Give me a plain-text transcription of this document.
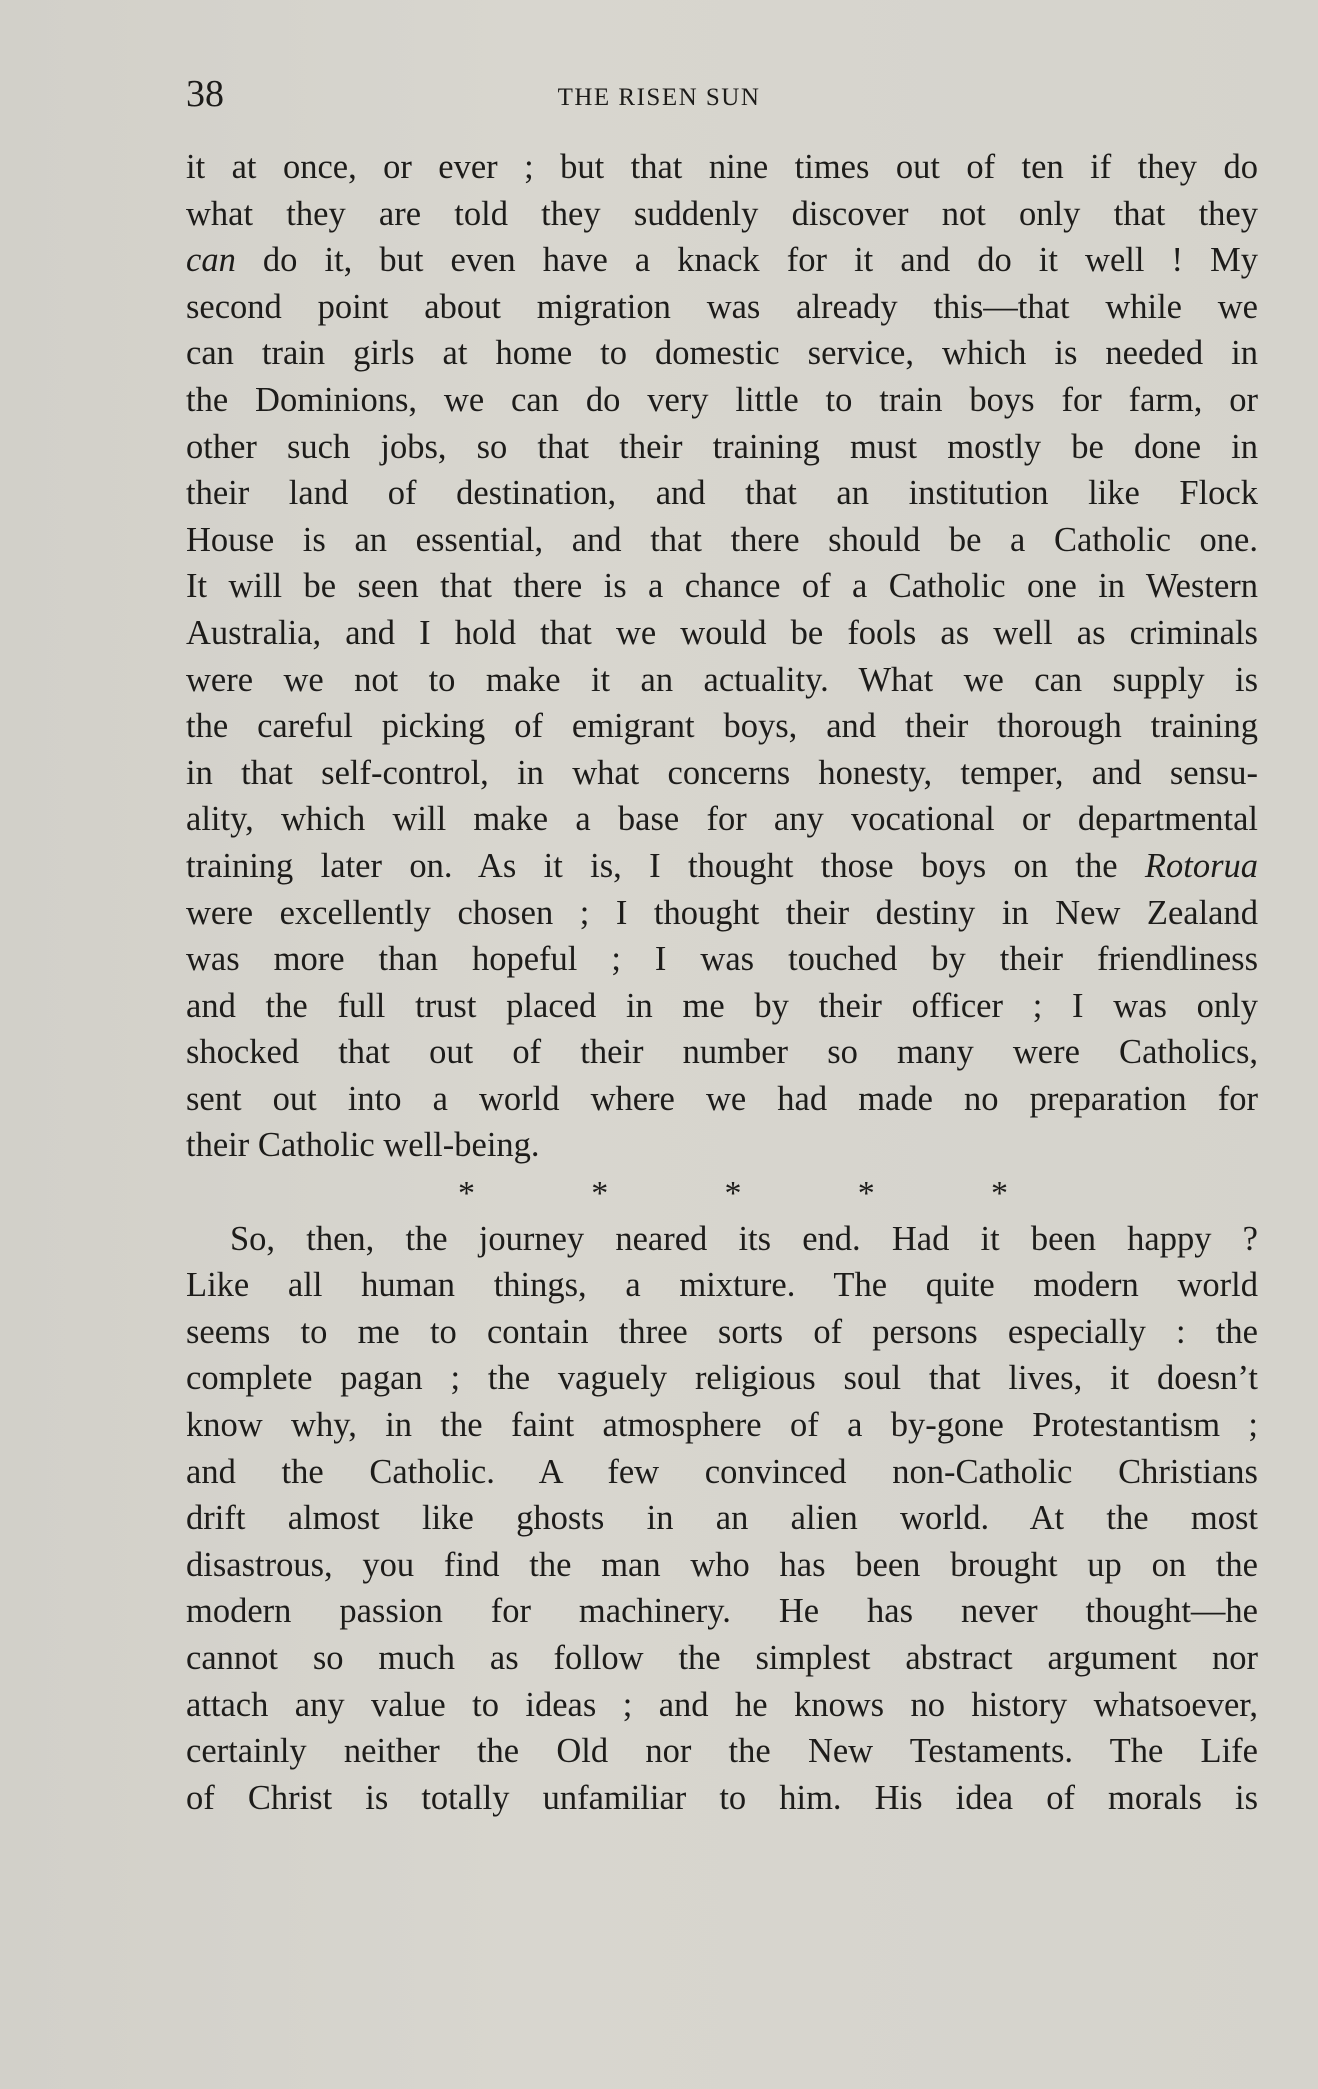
38	THE RISEN SUN
it at once, or ever ; but that nine times out of ten if they do
what they are told they suddenly discover not only that they
can do it, but even have a knack for it and do it well ! My
second point about migration was already this—that while we
can train girls at home to domestic service, which is needed in
the Dominions, we can do very little to train boys for farm, or
other such jobs, so that their training must mostly be done in
their land of destination, and that an institution like Flock
House is an essential, and that there should be a Catholic one.
It will be seen that there is a chance of a Catholic one in Western
Australia, and I hold that we would be fools as well as criminals
were we not to make it an actuality. What we can supply is
the careful picking of emigrant boys, and their thorough training
in that self-control, in what concerns honesty, temper, and sensu-
ality, which will make a base for any vocational or departmental
training later on. As it is, I thought those boys on the Rotorua
were excellently chosen ; I thought their destiny in New Zealand
was more than hopeful ; I was touched by their friendliness
and the full trust placed in me by their officer ; I was only
shocked that out of their number so many were Catholics,
sent out into a world where we had made no preparation for
their Catholic well-being.
*	*	*	*	*
So, then, the journey neared its end. Had it been happy ?
Like all human things, a mixture. The quite modern world
seems to me to contain three sorts of persons especially : the
complete pagan ; the vaguely religious soul that lives, it doesn’t
know why, in the faint atmosphere of a by-gone Protestantism ;
and the Catholic. A few convinced non-Catholic Christians
drift almost like ghosts in an alien world. At the most
disastrous, you find the man who has been brought up on the
modern passion for machinery. He has never thought—he
cannot so much as follow the simplest abstract argument nor
attach any value to ideas ; and he knows no history whatsoever,
certainly neither the Old nor the New Testaments. The Life
of Christ is totally unfamiliar to him. His idea of morals is
